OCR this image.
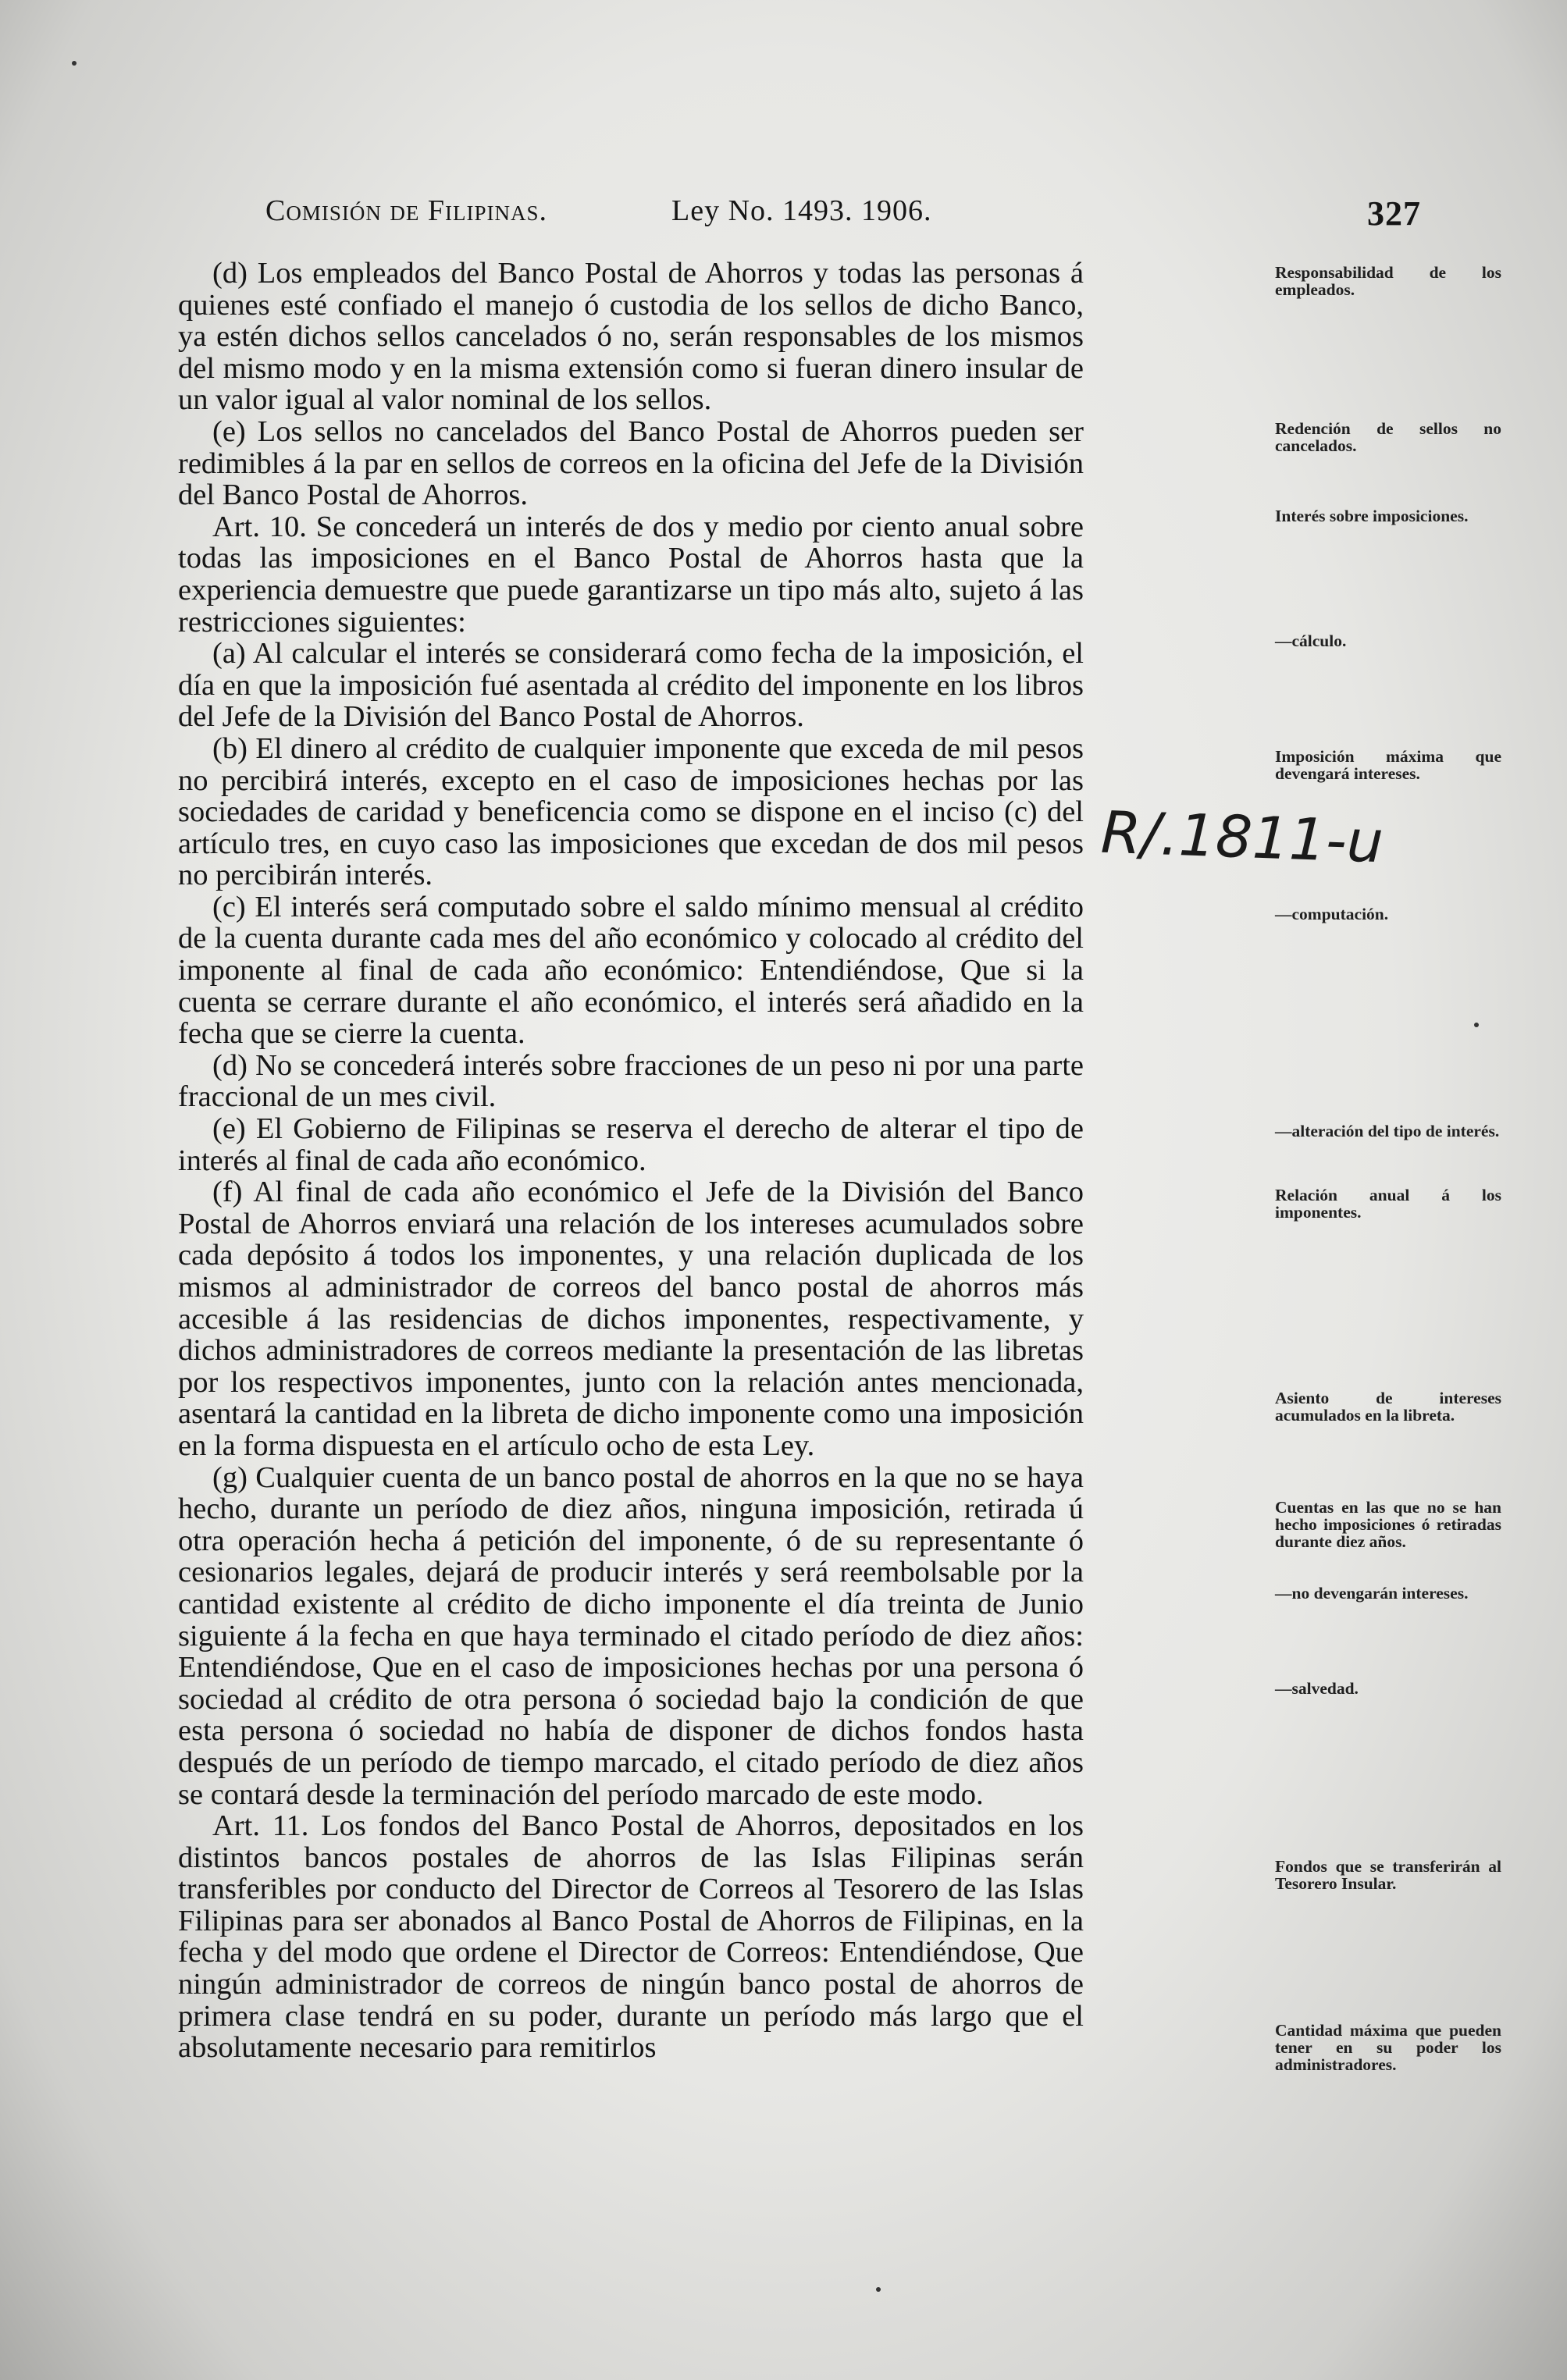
Comisión de Filipinas.	Ley No. 1493. 1906.	327

(d) Los empleados del Banco Postal de Ahorros y todas las personas á quienes esté confiado el manejo ó custodia de los sellos de dicho Banco, ya estén dichos sellos cancelados ó no, serán responsables de los mismos del mismo modo y en la misma extensión como si fueran dinero insular de un valor igual al valor nominal de los sellos.

(e) Los sellos no cancelados del Banco Postal de Ahorros pueden ser redimibles á la par en sellos de correos en la oficina del Jefe de la División del Banco Postal de Ahorros.

Art. 10. Se concederá un interés de dos y medio por ciento anual sobre todas las imposiciones en el Banco Postal de Ahorros hasta que la experiencia demuestre que puede garantizarse un tipo más alto, sujeto á las restricciones siguientes:

(a) Al calcular el interés se considerará como fecha de la imposición, el día en que la imposición fué asentada al crédito del imponente en los libros del Jefe de la División del Banco Postal de Ahorros.

(b) El dinero al crédito de cualquier imponente que exceda de mil pesos no percibirá interés, excepto en el caso de imposiciones hechas por las sociedades de caridad y beneficencia como se dispone en el inciso (c) del artículo tres, en cuyo caso las imposiciones que excedan de dos mil pesos no percibirán interés.

(c) El interés será computado sobre el saldo mínimo mensual al crédito de la cuenta durante cada mes del año económico y colocado al crédito del imponente al final de cada año económico: Entendiéndose, Que si la cuenta se cerrare durante el año económico, el interés será añadido en la fecha que se cierre la cuenta.

(d) No se concederá interés sobre fracciones de un peso ni por una parte fraccional de un mes civil.

(e) El Gobierno de Filipinas se reserva el derecho de alterar el tipo de interés al final de cada año económico.

(f) Al final de cada año económico el Jefe de la División del Banco Postal de Ahorros enviará una relación de los intereses acumulados sobre cada depósito á todos los imponentes, y una relación duplicada de los mismos al administrador de correos del banco postal de ahorros más accesible á las residencias de dichos imponentes, respectivamente, y dichos administradores de correos mediante la presentación de las libretas por los respectivos imponentes, junto con la relación antes mencionada, asentará la cantidad en la libreta de dicho imponente como una imposición en la forma dispuesta en el artículo ocho de esta Ley.

(g) Cualquier cuenta de un banco postal de ahorros en la que no se haya hecho, durante un período de diez años, ninguna imposición, retirada ú otra operación hecha á petición del imponente, ó de su representante ó cesionarios legales, dejará de producir interés y será reembolsable por la cantidad existente al crédito de dicho imponente el día treinta de Junio siguiente á la fecha en que haya terminado el citado período de diez años: Entendiéndose, Que en el caso de imposiciones hechas por una persona ó sociedad al crédito de otra persona ó sociedad bajo la condición de que esta persona ó sociedad no había de disponer de dichos fondos hasta después de un período de tiempo marcado, el citado período de diez años se contará desde la terminación del período marcado de este modo.

Art. 11. Los fondos del Banco Postal de Ahorros, depositados en los distintos bancos postales de ahorros de las Islas Filipinas serán transferibles por conducto del Director de Correos al Tesorero de las Islas Filipinas para ser abonados al Banco Postal de Ahorros de Filipinas, en la fecha y del modo que ordene el Director de Correos: Entendiéndose, Que ningún administrador de correos de ningún banco postal de ahorros de primera clase tendrá en su poder, durante un período más largo que el absolutamente necesario para remitirlos

Responsabilidad de los empleados.
Redención de sellos no cancelados.
Interés sobre imposiciones.
—cálculo.
Imposición máxima que devengará intereses.
—computación.
—alteración del tipo de interés.
Relación anual á los imponentes.
Asiento de intereses acumulados en la libreta.
Cuentas en las que no se han hecho imposiciones ó retiradas durante diez años.
—no devengarán intereses.
—salvedad.
Fondos que se transferirán al Tesorero Insular.
Cantidad máxima que pueden tener en su poder los administradores.
R/.1811-u
